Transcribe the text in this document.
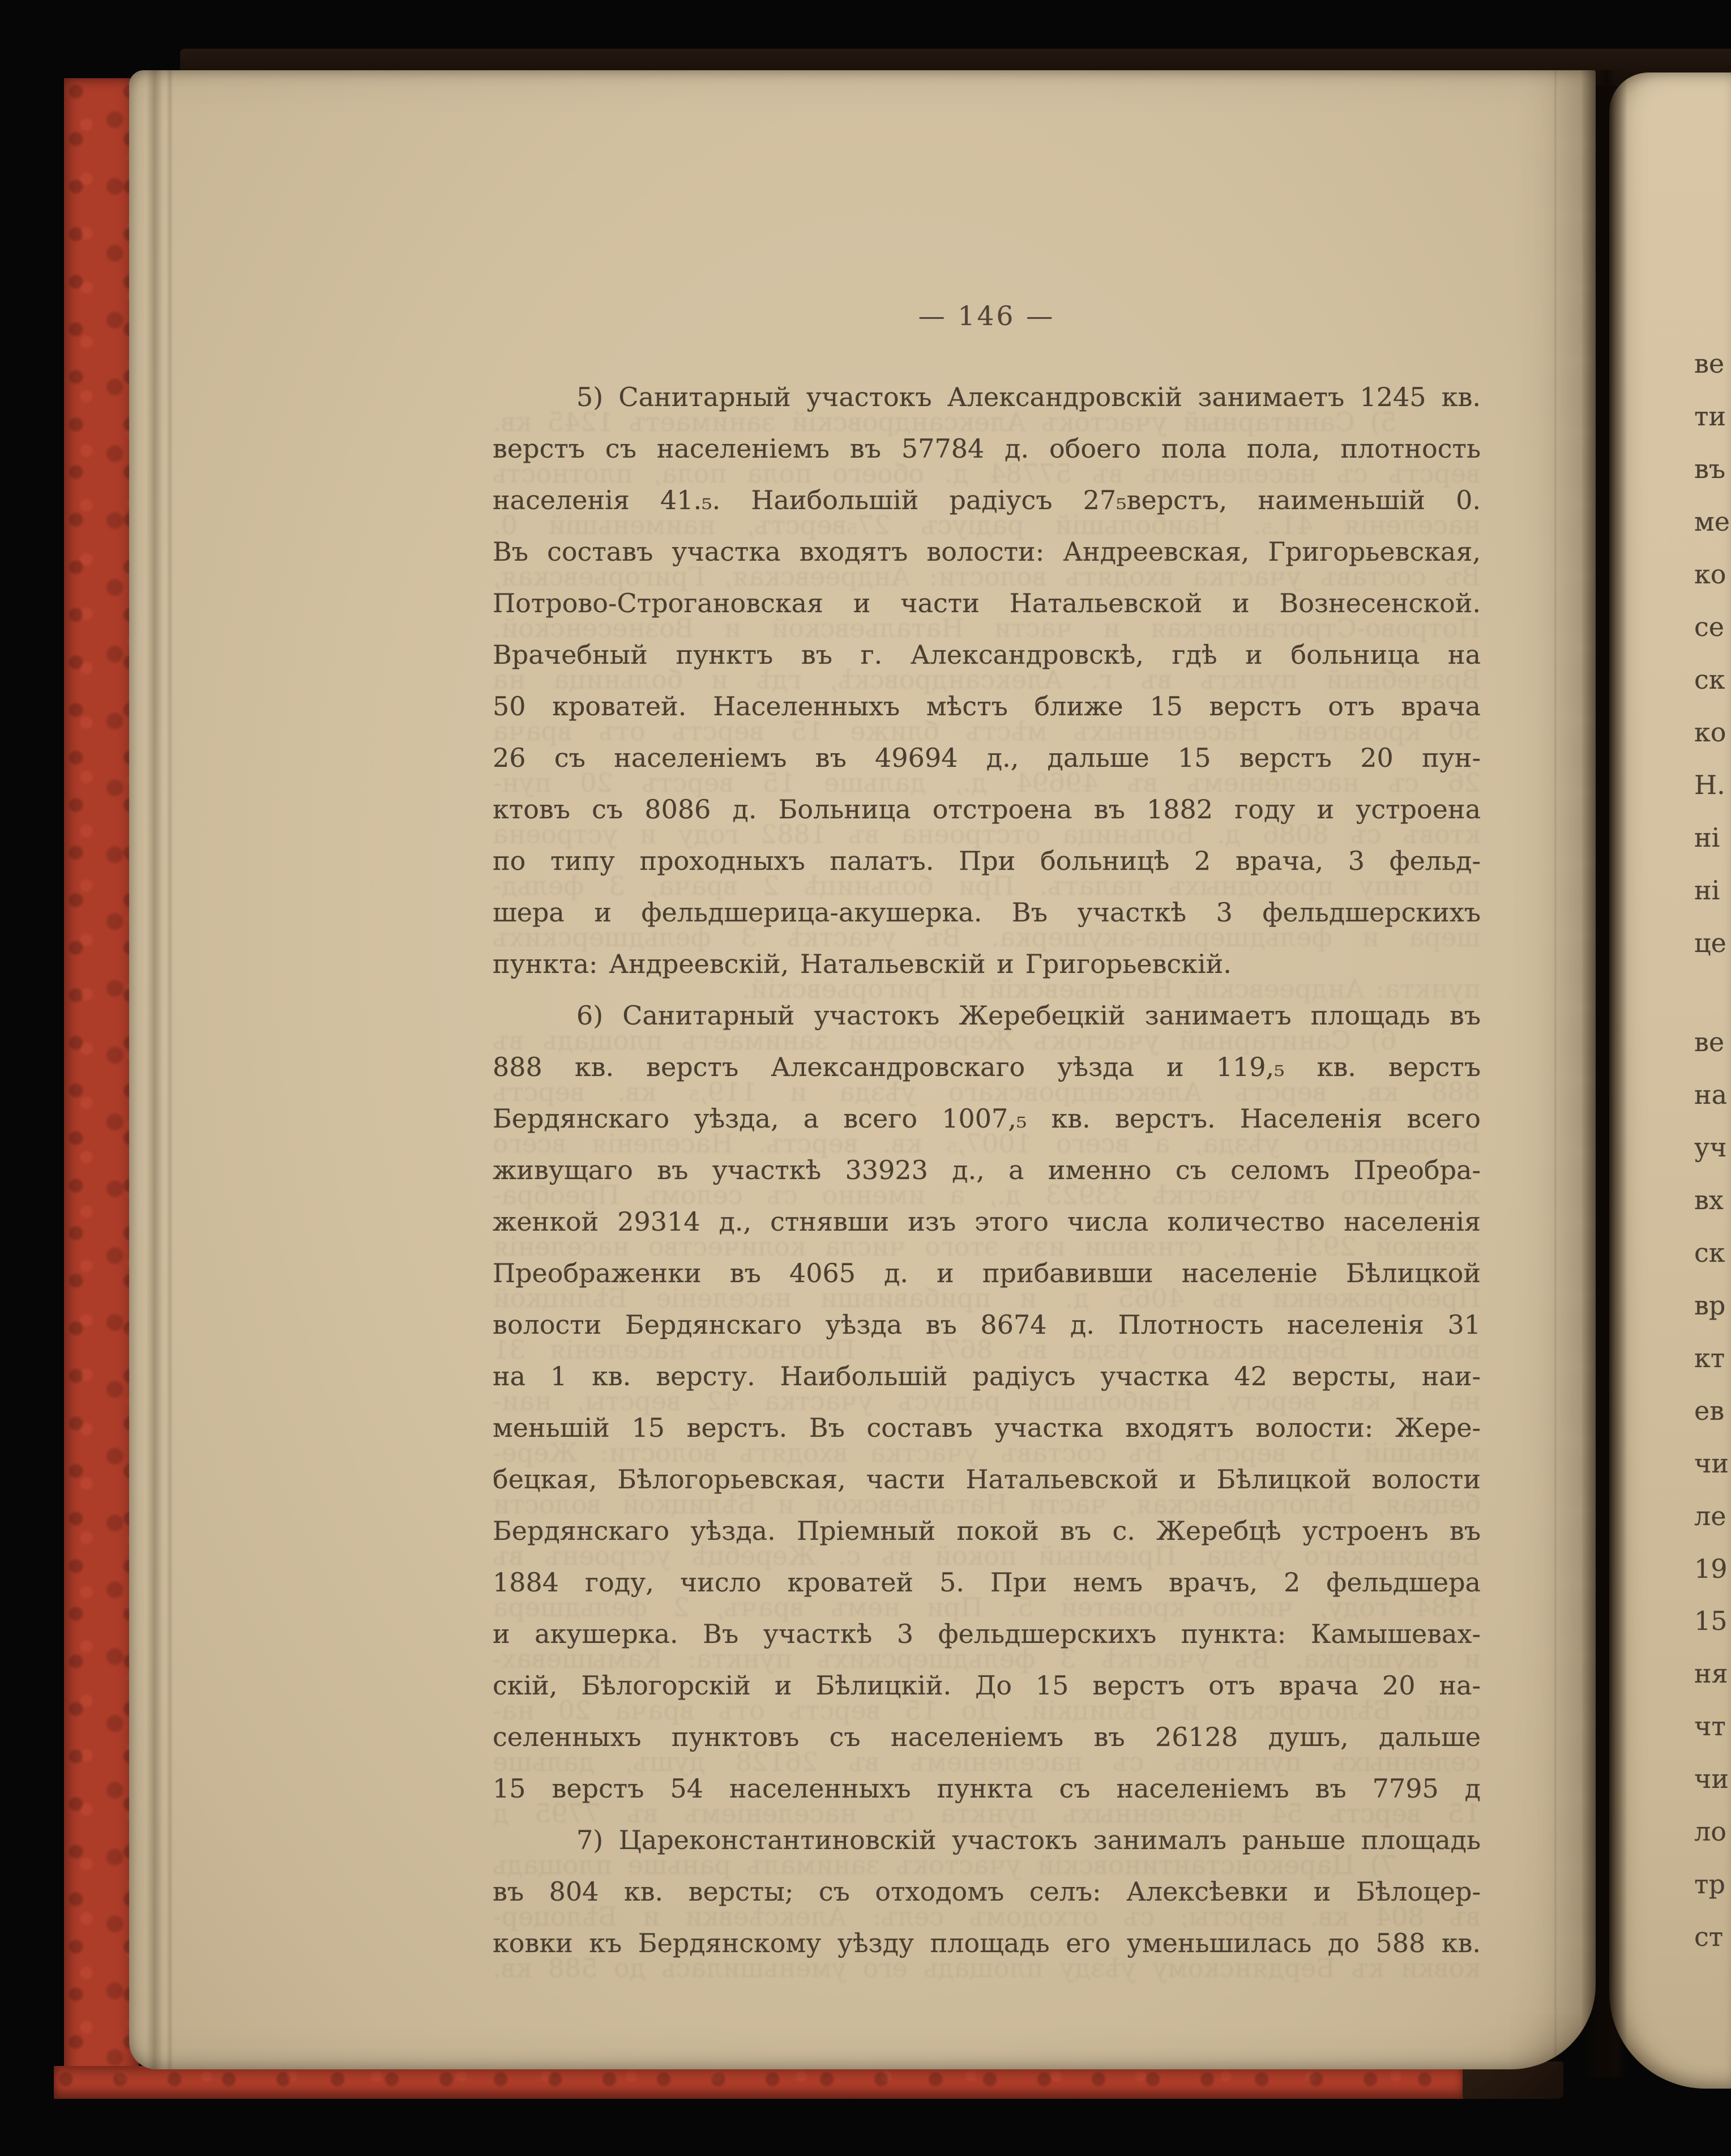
5) Санитарный участокъ Александровскій занимаетъ 1245 кв.
верстъ съ населеніемъ въ 57784 д. обоего пола пола, плотность
населенія 41.₅. Наибольшій радіусъ 27₅верстъ, наименьшій 0.
Въ составъ участка входятъ волости: Андреевская, Григорьевская,
Потрово-Строгановская и части Натальевской и Вознесенской.
Врачебный пунктъ въ г. Александровскѣ, гдѣ и больница на
50 кроватей. Населенныхъ мѣстъ ближе 15 верстъ отъ врача
26 съ населеніемъ въ 49694 д., дальше 15 верстъ 20 пун-
ктовъ съ 8086 д. Больница отстроена въ 1882 году и устроена
по типу проходныхъ палатъ. При больницѣ 2 врача, 3 фельд-
шера и фельдшерица-акушерка. Въ участкѣ 3 фельдшерскихъ
пункта: Андреевскій, Натальевскій и Григорьевскій.
6) Санитарный участокъ Жеребецкій занимаетъ площадь въ
888 кв. верстъ Александровскаго уѣзда и 119,₅ кв. верстъ
Бердянскаго уѣзда, а всего 1007,₅ кв. верстъ. Населенія всего
живущаго въ участкѣ 33923 д., а именно съ селомъ Преобра-
женкой 29314 д., стнявши изъ этого числа количество населенія
Преображенки въ 4065 д. и прибавивши населеніе Бѣлицкой
волости Бердянскаго уѣзда въ 8674 д. Плотность населенія 31
на 1 кв. версту. Наибольшій радіусъ участка 42 версты, наи-
меньшій 15 верстъ. Въ составъ участка входятъ волости: Жере-
бецкая, Бѣлогорьевская, части Натальевской и Бѣлицкой волости
Бердянскаго уѣзда. Пріемный покой въ с. Жеребцѣ устроенъ въ
1884 году, число кроватей 5. При немъ врачъ, 2 фельдшера
и акушерка. Въ участкѣ 3 фельдшерскихъ пункта: Камышевах-
скій, Бѣлогорскій и Бѣлицкій. До 15 верстъ отъ врача 20 на-
селенныхъ пунктовъ съ населеніемъ въ 26128 душъ, дальше
15 верстъ 54 населенныхъ пункта съ населеніемъ въ 7795 д
7) Цареконстантиновскій участокъ занималъ раньше площадь
въ 804 кв. версты; съ отходомъ селъ: Алексѣевки и Бѣлоцер-
ковки къ Бердянскому уѣзду площадь его уменьшилась до 588 кв.
— 146 —
5) Санитарный участокъ Александровскій занимаетъ 1245 кв.
верстъ съ населеніемъ въ 57784 д. обоего пола пола, плотность
населенія 41.₅. Наибольшій радіусъ 27₅верстъ, наименьшій 0.
Въ составъ участка входятъ волости: Андреевская, Григорьевская,
Потрово-Строгановская и части Натальевской и Вознесенской.
Врачебный пунктъ въ г. Александровскѣ, гдѣ и больница на
50 кроватей. Населенныхъ мѣстъ ближе 15 верстъ отъ врача
26 съ населеніемъ въ 49694 д., дальше 15 верстъ 20 пун-
ктовъ съ 8086 д. Больница отстроена въ 1882 году и устроена
по типу проходныхъ палатъ. При больницѣ 2 врача, 3 фельд-
шера и фельдшерица-акушерка. Въ участкѣ 3 фельдшерскихъ
пункта: Андреевскій, Натальевскій и Григорьевскій.
6) Санитарный участокъ Жеребецкій занимаетъ площадь въ
888 кв. верстъ Александровскаго уѣзда и 119,₅ кв. верстъ
Бердянскаго уѣзда, а всего 1007,₅ кв. верстъ. Населенія всего
живущаго въ участкѣ 33923 д., а именно съ селомъ Преобра-
женкой 29314 д., стнявши изъ этого числа количество населенія
Преображенки въ 4065 д. и прибавивши населеніе Бѣлицкой
волости Бердянскаго уѣзда въ 8674 д. Плотность населенія 31
на 1 кв. версту. Наибольшій радіусъ участка 42 версты, наи-
меньшій 15 верстъ. Въ составъ участка входятъ волости: Жере-
бецкая, Бѣлогорьевская, части Натальевской и Бѣлицкой волости
Бердянскаго уѣзда. Пріемный покой въ с. Жеребцѣ устроенъ въ
1884 году, число кроватей 5. При немъ врачъ, 2 фельдшера
и акушерка. Въ участкѣ 3 фельдшерскихъ пункта: Камышевах-
скій, Бѣлогорскій и Бѣлицкій. До 15 верстъ отъ врача 20 на-
селенныхъ пунктовъ съ населеніемъ въ 26128 душъ, дальше
15 верстъ 54 населенныхъ пункта съ населеніемъ въ 7795 д
7) Цареконстантиновскій участокъ занималъ раньше площадь
въ 804 кв. версты; съ отходомъ селъ: Алексѣевки и Бѣлоцер-
ковки къ Бердянскому уѣзду площадь его уменьшилась до 588 кв.
ве
ти
въ
ме
ко
се
ск
ко
Н.
ні
ні
це
ве
на
уч
вх
ск
вр
кт
ев
чи
ле
19
15
ня
чт
чи
ло
тр
ст
